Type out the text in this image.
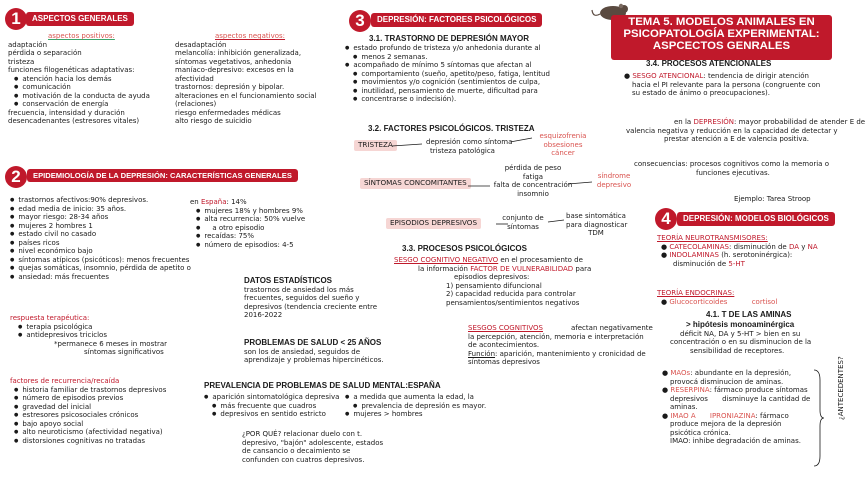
1	ASPECTOS GENERALES
aspectos positivos:
adaptación
pérdida o separación
tristeza
funciones filogenéticas adaptativas:
● atención hacia los demás
● comunicación
● motivación de la conducta de ayuda
● conservación de energía
frecuencia, intensidad y duración
desencadenantes (estresores vitales)
aspectos negativos:
desadaptación
melancolía: inhibición generalizada,
síntomas vegetativos, anhedonia
maníaco-depresivo: excesos en la
afectividad
trastornos: depresión y bipolar.
alteraciones en el funcionamiento social
(relaciones)
riesgo enfermedades médicas
alto riesgo de suicidio
2	EPIDEMIOLOGÍA DE LA DEPRESIÓN: CARACTERÍSTICAS GENERALES
● trastornos afectivos:90% depresivos.
● edad media de inicio: 35 años.
● mayor riesgo: 28-34 años
● mujeres 2 hombres 1
● estado civil no casado
● países ricos
● nivel económico bajo
● síntomas atípicos (psicóticos): menos frecuentes
● quejas somáticas, insomnio, pérdida de apetito o
● ansiedad: más frecuentes
en España: 14%
● mujeres 18% y hombres 9%
● alta recurrencia: 50% vuelve
● a otro episodio
● recaídas: 75%
● número de episodios: 4-5
respuesta terapéutica:
● terapia psicológica
● antidepresivos triciclos
*permanece 6 meses in mostrar
síntomas significativos
factores de recurrencia/recaída
● historia familiar de trastornos depresivos
● número de episodios previos
● gravedad del inicial
● estresores psicosociales crónicos
● bajo apoyo social
● alto neuroticismo (afectividad negativa)
● distorsiones cognitivas no tratadas
DATOS ESTADÍSTICOS
trastornos de ansiedad los más
frecuentes, seguidos del sueño y
depresivos (tendencia creciente entre
2016-2022
PROBLEMAS DE SALUD < 25 AÑOS
son los de ansiedad, seguidos de
aprendizaje y problemas hipercinéticos.
PREVALENCIA DE PROBLEMAS DE SALUD MENTAL:ESPAÑA
● aparición sintomatológica depresiva
● más frecuente que cuadros
● depresivos en sentido estricto
● a medida que aumenta la edad, la
● prevalencia de depresión es mayor.
● mujeres > hombres
¿POR QUÉ? relacionar duelo con t.
depresivo, "bajón" adolescente, estados
de cansancio o decaimiento se
confunden con cuatros depresivos.
3	DEPRESIÓN: FACTORES PSICOLÓGICOS
3.1. TRASTORNO DE DEPRESIÓN MAYOR
● estado profundo de tristeza y/o anhedonia durante al
● menos 2 semanas.
● acompañado de mínimo 5 síntomas que afectan al
● comportamiento (sueño, apetito/peso, fatiga, lentitud
● movimientos y/o cognición (sentimientos de culpa,
● inutilidad, pensamiento de muerte, dificultad para
● concentrarse o indecisión).
3.2. FACTORES PSICOLÓGICOS. TRISTEZA
TRISTEZA	depresión como síntoma
tristeza patológica
esquizofrenia
obsesiones
cáncer
SÍNTOMAS CONCOMITANTES
pérdida de peso
fatiga
falta de concentración
insomnio
síndrome
depresivo
EPISODIOS DEPRESIVOS	conjunto de
síntomas
base sintomática
para diagnosticar
TDM
3.3. PROCESOS PSICOLÓGICOS
SESGO COGNITIVO NEGATIVO en el procesamiento de
la información FACTOR DE VULNERABILIDAD para
episodios depresivos:
1) pensamiento difuncional
2) capacidad reducida para controlar
pensamientos/sentimientos negativos
SESGOS COGNITIVOS	afectan negativamente
la percepción, atención, memoria e interpretación
de acontecimientos.
Función: aparición, mantenimiento y cronicidad de
síntomas depresivos
TEMA 5. MODELOS ANIMALES EN
PSICOPATOLOGÍA EXPERIMENTAL:
ASPCECTOS GENRALES
3.4. PROCESOS ATENCIONALES
● SESGO ATENCIONAL: tendencia de dirigir atención
hacia el PI relevante para la persona (congruente con
su estado de ánimo o preocupaciones).
en la DEPRESIÓN: mayor probabilidad de atender E de
valencia negativa y reducción en la capacidad de detectar y
prestar atención a E de valencia positiva.
consecuencias: procesos cognitivos como la memoria o
funciones ejecutivas.
Ejemplo: Tarea Stroop
4	DEPRESIÓN: MODELOS BIOLÓGICOS
TEORÍA NEUROTRANSMISORES:
● CATECOLAMINAS: disminución de DA y NA
● INDOLAMINAS (h. serotoninérgica):
disminución de 5-HT
TEORÍA ENDOCRINAS:
● Glucocorticoides	cortisol
4.1. T DE LAS AMINAS
> hipótesis monoaminérgica
déficit NA, DA y 5-HT > bien en su
concentración o en su disminucion de la
sensibilidad de receptores.
● MAOs: abundante en la depresión,
provocá disminucion de aminas.
● RESERPINA: fármaco produce síntomas
depresivos disminuye la cantidad de
aminas.
● IMAO A IPRONIAZINA: fármaco
produce mejora de la depresión
psicótica crónica.
IMAO: inhibe degradación de aminas.
¿ANTECEDENTES?
